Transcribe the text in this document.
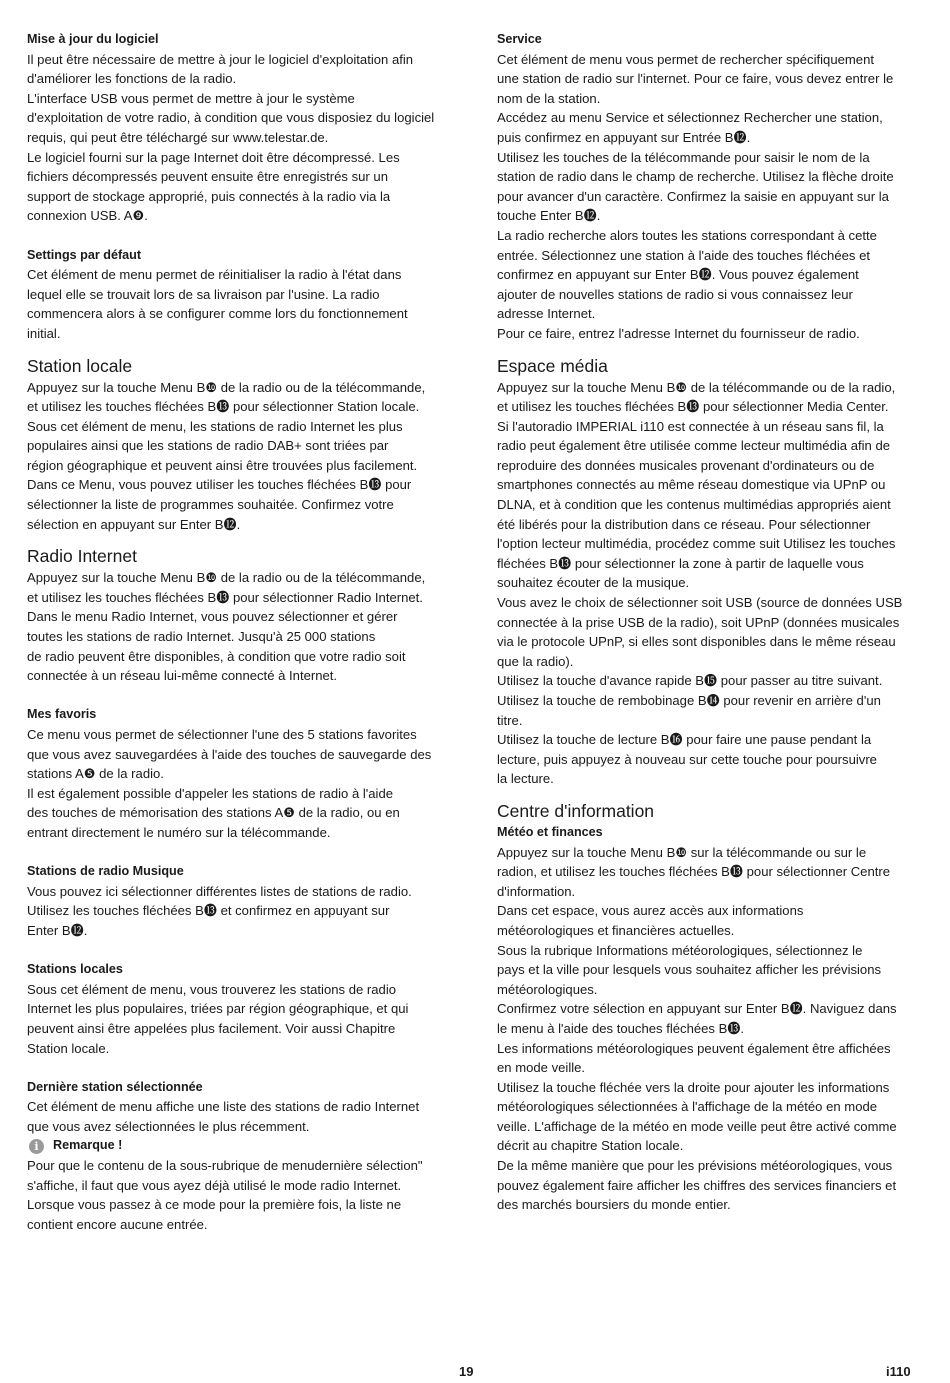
Mise à jour du logiciel

Il peut être nécessaire de mettre à jour le logiciel d'exploitation afin

d'améliorer les fonctions de la radio.

L'interface USB vous permet de mettre à jour le système

d'exploitation de votre radio, à condition que vous disposiez du logiciel

requis, qui peut être téléchargé sur www.telestar.de.

Le logiciel fourni sur la page Internet doit être décompressé. Les

fichiers décompressés peuvent ensuite être enregistrés sur un

support de stockage approprié, puis connectés à la radio via la

connexion USB. A❾.

Settings par défaut

Cet élément de menu permet de réinitialiser la radio à l'état dans

lequel elle se trouvait lors de sa livraison par l'usine. La radio

commencera alors à se configurer comme lors du fonctionnement

initial.

Station locale

Appuyez sur la touche Menu B❿ de la radio ou de la télécommande,

et utilisez les touches fléchées B⓭ pour sélectionner Station locale.

Sous cet élément de menu, les stations de radio Internet les plus

populaires ainsi que les stations de radio DAB+ sont triées par

région géographique et peuvent ainsi être trouvées plus facilement.

Dans ce Menu, vous pouvez utiliser les touches fléchées B⓭ pour

sélectionner la liste de programmes souhaitée. Confirmez votre

sélection en appuyant sur Enter B⓬.

Radio Internet

Appuyez sur la touche Menu B❿ de la radio ou de la télécommande,

et utilisez les touches fléchées B⓭ pour sélectionner Radio Internet.

Dans le menu Radio Internet, vous pouvez sélectionner et gérer

toutes les stations de radio Internet. Jusqu'à 25 000 stations

de radio peuvent être disponibles, à condition que votre radio soit

connectée à un réseau lui-même connecté à Internet.

Mes favoris

Ce menu vous permet de sélectionner l'une des 5 stations favorites

que vous avez sauvegardées à l'aide des touches de sauvegarde des

stations A❺ de la radio.

Il est également possible d'appeler les stations de radio à l'aide

des touches de mémorisation des stations A❺ de la radio, ou en

entrant directement le numéro sur la télécommande.

Stations de radio Musique

Vous pouvez ici sélectionner différentes listes de stations de radio.

Utilisez les touches fléchées B⓭ et confirmez en appuyant sur

Enter B⓬.

Stations locales

Sous cet élément de menu, vous trouverez les stations de radio

Internet les plus populaires, triées par région géographique, et qui

peuvent ainsi être appelées plus facilement. Voir aussi Chapitre

Station locale.

Dernière station sélectionnée

Cet élément de menu affiche une liste des stations de radio Internet

que vous avez sélectionnées le plus récemment.

i	Remarque !

Pour que le contenu de la sous-rubrique de menudernière sélection"

s'affiche, il faut que vous ayez déjà utilisé le mode radio Internet.

Lorsque vous passez à ce mode pour la première fois, la liste ne

contient encore aucune entrée.

Service

Cet élément de menu vous permet de rechercher spécifiquement

une station de radio sur l'internet. Pour ce faire, vous devez entrer le

nom de la station.

Accédez au menu Service et sélectionnez Rechercher une station,

puis confirmez en appuyant sur Entrée B⓬.

Utilisez les touches de la télécommande pour saisir le nom de la

station de radio dans le champ de recherche. Utilisez la flèche droite

pour avancer d'un caractère. Confirmez la saisie en appuyant sur la

touche Enter B⓬.

La radio recherche alors toutes les stations correspondant à cette

entrée. Sélectionnez une station à l'aide des touches fléchées et

confirmez en appuyant sur Enter B⓬. Vous pouvez également

ajouter de nouvelles stations de radio si vous connaissez leur

adresse Internet.

Pour ce faire, entrez l'adresse Internet du fournisseur de radio.

Espace média

Appuyez sur la touche Menu B❿ de la télécommande ou de la radio,

et utilisez les touches fléchées B⓭ pour sélectionner Media Center.

Si l'autoradio IMPERIAL i110 est connectée à un réseau sans fil, la

radio peut également être utilisée comme lecteur multimédia afin de

reproduire des données musicales provenant d'ordinateurs ou de

smartphones connectés au même réseau domestique via UPnP ou

DLNA, et à condition que les contenus multimédias appropriés aient

été libérés pour la distribution dans ce réseau. Pour sélectionner

l'option lecteur multimédia, procédez comme suit Utilisez les touches

fléchées B⓭ pour sélectionner la zone à partir de laquelle vous

souhaitez écouter de la musique.

Vous avez le choix de sélectionner soit USB (source de données USB

connectée à la prise USB de la radio), soit UPnP (données musicales

via le protocole UPnP, si elles sont disponibles dans le même réseau

que la radio).

Utilisez la touche d'avance rapide B⓯ pour passer au titre suivant.

Utilisez la touche de rembobinage B⓮ pour revenir en arrière d'un

titre.

Utilisez la touche de lecture B⓰ pour faire une pause pendant la

lecture, puis appuyez à nouveau sur cette touche pour poursuivre

la lecture.

Centre d'information
Météo et finances

Appuyez sur la touche Menu B❿ sur la télécommande ou sur le

radion, et utilisez les touches fléchées B⓭ pour sélectionner Centre

d'information.

Dans cet espace, vous aurez accès aux informations

météorologiques et financières actuelles.

Sous la rubrique Informations météorologiques, sélectionnez le

pays et la ville pour lesquels vous souhaitez afficher les prévisions

météorologiques.

Confirmez votre sélection en appuyant sur Enter B⓬. Naviguez dans

le menu à l'aide des touches fléchées B⓭.

Les informations météorologiques peuvent également être affichées

en mode veille.

Utilisez la touche fléchée vers la droite pour ajouter les informations

météorologiques sélectionnées à l'affichage de la météo en mode

veille. L'affichage de la météo en mode veille peut être activé comme

décrit au chapitre Station locale.

De la même manière que pour les prévisions météorologiques, vous

pouvez également faire afficher les chiffres des services financiers et

des marchés boursiers du monde entier.

19	i110
